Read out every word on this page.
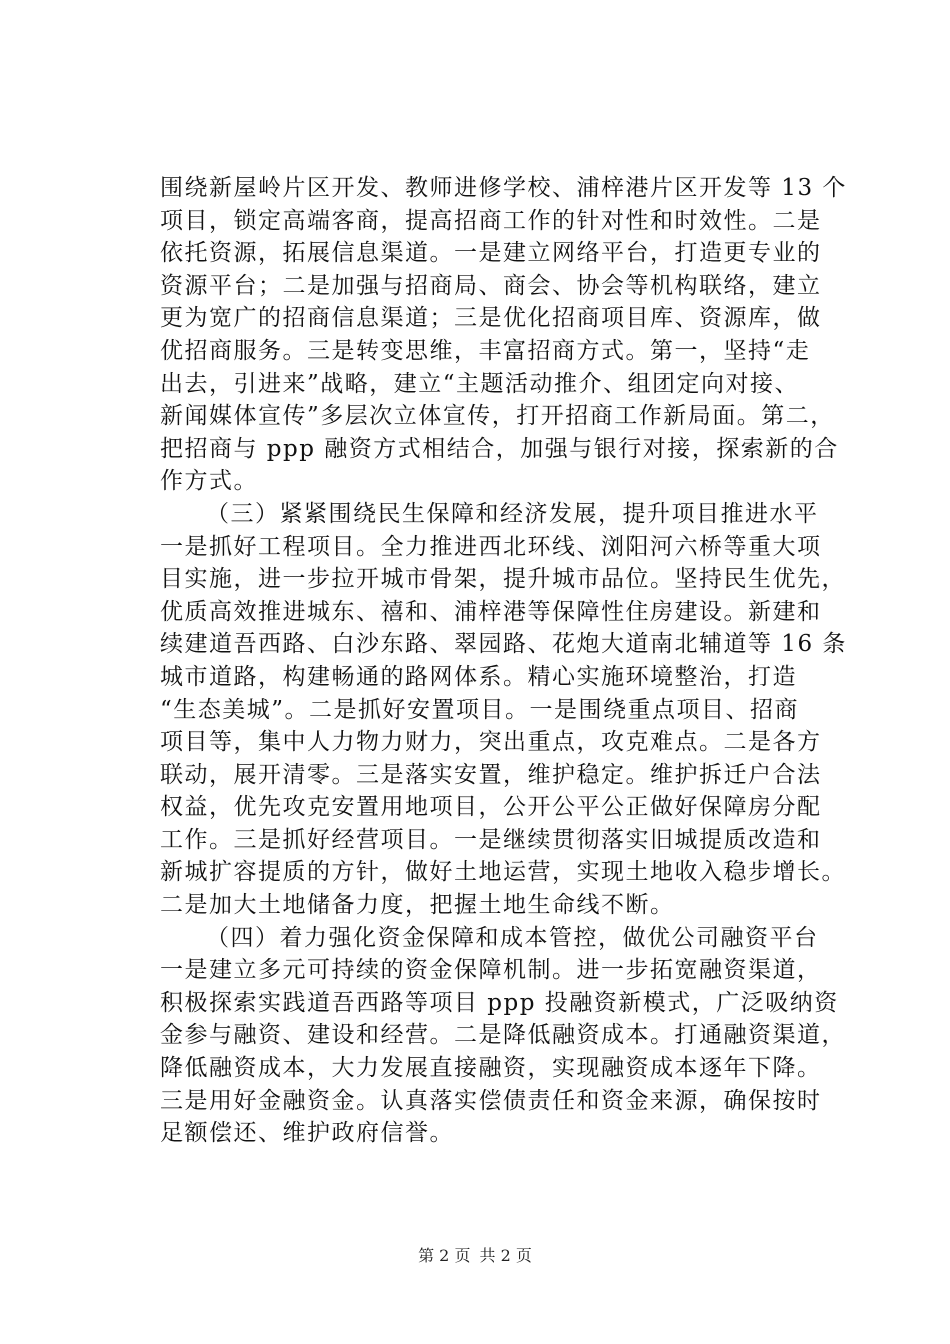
围绕新屋岭片区开发、教师进修学校、浦梓港片区开发等 13 个
项目，锁定高端客商，提高招商工作的针对性和时效性。二是
依托资源，拓展信息渠道。一是建立网络平台，打造更专业的
资源平台；二是加强与招商局、商会、协会等机构联络，建立
更为宽广的招商信息渠道；三是优化招商项目库、资源库，做
优招商服务。三是转变思维，丰富招商方式。第一，坚持“走
出去，引进来”战略，建立“主题活动推介、组团定向对接、
新闻媒体宣传”多层次立体宣传，打开招商工作新局面。第二，
把招商与 ppp 融资方式相结合，加强与银行对接，探索新的合
作方式。
（三）紧紧围绕民生保障和经济发展，提升项目推进水平
一是抓好工程项目。全力推进西北环线、浏阳河六桥等重大项
目实施，进一步拉开城市骨架，提升城市品位。坚持民生优先，
优质高效推进城东、禧和、浦梓港等保障性住房建设。新建和
续建道吾西路、白沙东路、翠园路、花炮大道南北辅道等 16 条
城市道路，构建畅通的路网体系。精心实施环境整治，打造
“生态美城”。二是抓好安置项目。一是围绕重点项目、招商
项目等，集中人力物力财力，突出重点，攻克难点。二是各方
联动，展开清零。三是落实安置，维护稳定。维护拆迁户合法
权益，优先攻克安置用地项目，公开公平公正做好保障房分配
工作。三是抓好经营项目。一是继续贯彻落实旧城提质改造和
新城扩容提质的方针，做好土地运营，实现土地收入稳步增长。
二是加大土地储备力度，把握土地生命线不断。
（四）着力强化资金保障和成本管控，做优公司融资平台
一是建立多元可持续的资金保障机制。进一步拓宽融资渠道，
积极探索实践道吾西路等项目 ppp 投融资新模式，广泛吸纳资
金参与融资、建设和经营。二是降低融资成本。打通融资渠道，
降低融资成本，大力发展直接融资，实现融资成本逐年下降。
三是用好金融资金。认真落实偿债责任和资金来源，确保按时
足额偿还、维护政府信誉。
第 2 页 共 2 页
